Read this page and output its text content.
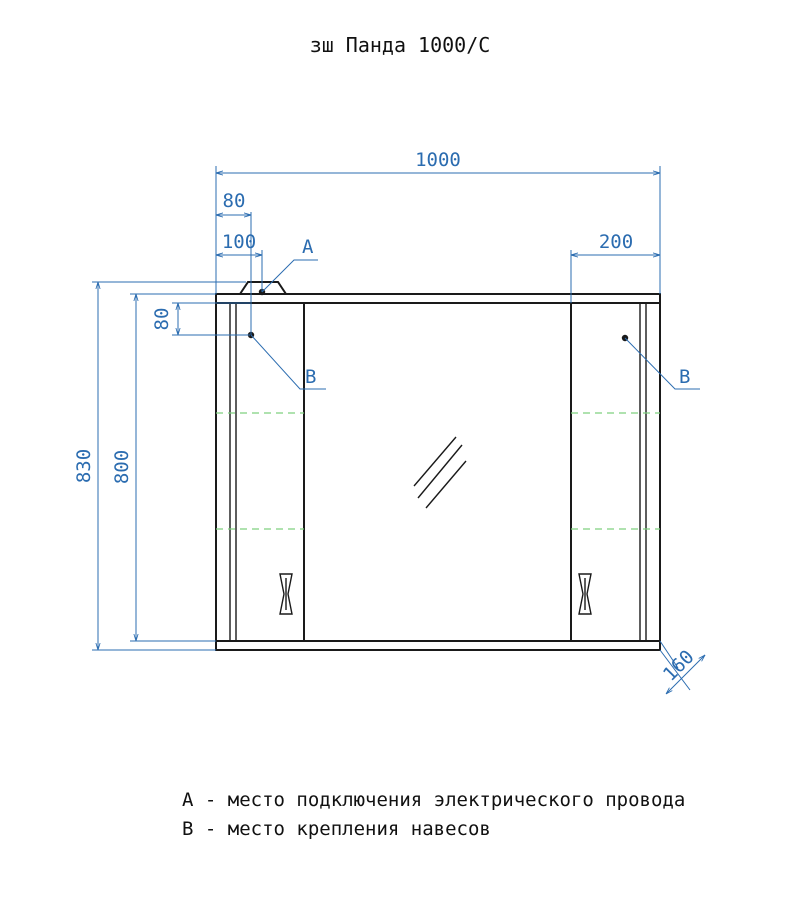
зш Панда 1000/С
1000
80
100	200
80
830 800
160
A
B	B
A - место подключения электрического провода
B - место крепления навесов
